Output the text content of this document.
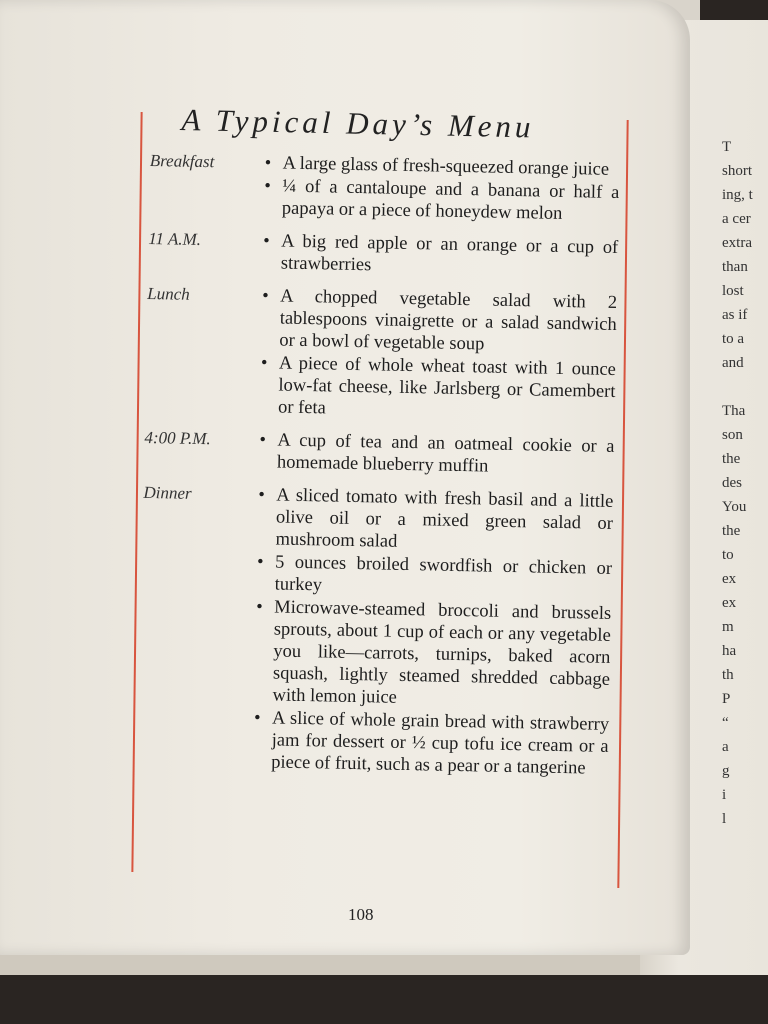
T
short
ing, t
a cer
extra
than
lost
as if
to a
and
Tha
son
the
des
You
the
to
ex
ex
m
ha
th
P
“
a
g
i
l
A Typical Day’s Menu
Breakfast	• A large glass of fresh-squeezed orange juice
• ¼ of a cantaloupe and a banana or half a papaya or a piece of honeydew melon
11 A.M.	• A big red apple or an orange or a cup of strawberries
Lunch	• A chopped vegetable salad with 2 tablespoons vinaigrette or a salad sandwich or a bowl of vegetable soup
• A piece of whole wheat toast with 1 ounce low-fat cheese, like Jarlsberg or Camembert or feta
4:00 P.M.	• A cup of tea and an oatmeal cookie or a homemade blueberry muffin
Dinner	• A sliced tomato with fresh basil and a little olive oil or a mixed green salad or mushroom salad
• 5 ounces broiled swordfish or chicken or turkey
• Microwave-steamed broccoli and brussels sprouts, about 1 cup of each or any vegetable you like—carrots, turnips, baked acorn squash, lightly steamed shredded cabbage with lemon juice
• A slice of whole grain bread with strawberry jam for dessert or ½ cup tofu ice cream or a piece of fruit, such as a pear or a tangerine
108
